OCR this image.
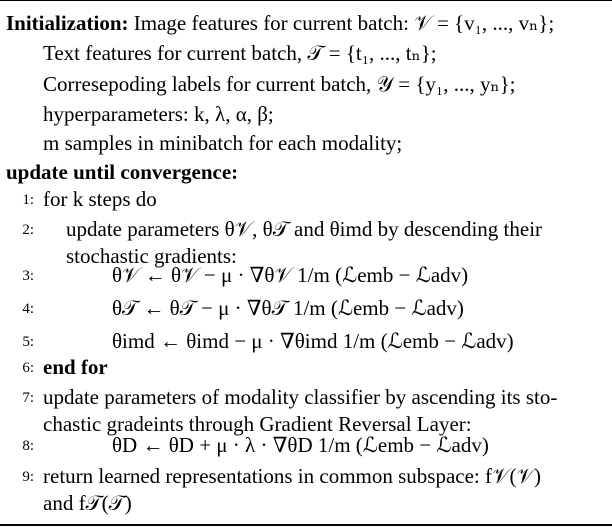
Initialization: Image features for current batch: 𝒱 = {v₁, ..., vₙ};
Text features for current batch, 𝒯 = {t₁, ..., tₙ};
Corresepoding labels for current batch, 𝒴 = {y₁, ..., yₙ};
hyperparameters: k, λ, α, β;
m samples in minibatch for each modality;
update until convergence:
1: for k steps do
2: update parameters θ𝒱, θ𝒯 and θimd by descending their
stochastic gradients:
3:	θ𝒱 ← θ𝒱 − μ · ∇θ𝒱 1/m (ℒemb − ℒadv)
4:	θ𝒯 ← θ𝒯 − μ · ∇θ𝒯 1/m (ℒemb − ℒadv)
5:	θimd ← θimd − μ · ∇θimd 1/m (ℒemb − ℒadv)
6: end for
7: update parameters of modality classifier by ascending its sto-
chastic gradeints through Gradient Reversal Layer:
8:	θD ← θD + μ · λ · ∇θD 1/m (ℒemb − ℒadv)
9: return learned representations in common subspace: f𝒱(𝒱)
and f𝒯(𝒯)
